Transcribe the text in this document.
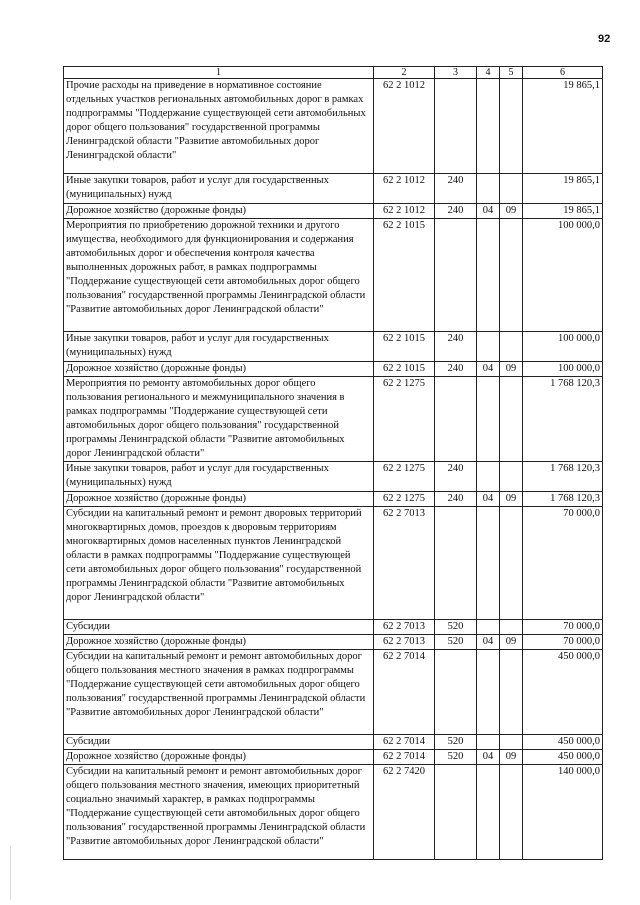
92
1	2	3	4	5	6
Прочие расходы на приведение в нормативное состояние отдельных участков региональных автомобильных дорог в рамках подпрограммы "Поддержание существующей сети автомобильных дорог общего пользования" государственной программы Ленинградской области "Развитие автомобильных дорог Ленинградской области"	62 2 1012				19 865,1
Иные закупки товаров, работ и услуг для государственных (муниципальных) нужд	62 2 1012	240			19 865,1
Дорожное хозяйство (дорожные фонды)	62 2 1012	240	04	09	19 865,1
Мероприятия по приобретению дорожной техники и другого имущества, необходимого для функционирования и содержания автомобильных дорог и обеспечения контроля качества выполненных дорожных работ, в рамках подпрограммы "Поддержание существующей сети автомобильных дорог общего пользования" государственной программы Ленинградской области "Развитие автомобильных дорог Ленинградской области"	62 2 1015				100 000,0
Иные закупки товаров, работ и услуг для государственных (муниципальных) нужд	62 2 1015	240			100 000,0
Дорожное хозяйство (дорожные фонды)	62 2 1015	240	04	09	100 000,0
Мероприятия по ремонту автомобильных дорог общего пользования регионального и межмуниципального значения в рамках подпрограммы "Поддержание существующей сети автомобильных дорог общего пользования" государственной программы Ленинградской области "Развитие автомобильных дорог Ленинградской области"	62 2 1275				1 768 120,3
Иные закупки товаров, работ и услуг для государственных (муниципальных) нужд	62 2 1275	240			1 768 120,3
Дорожное хозяйство (дорожные фонды)	62 2 1275	240	04	09	1 768 120,3
Субсидии на капитальный ремонт и ремонт дворовых территорий многоквартирных домов, проездов к дворовым территориям многоквартирных домов населенных пунктов Ленинградской области в рамках подпрограммы "Поддержание существующей сети автомобильных дорог общего пользования" государственной программы Ленинградской области "Развитие автомобильных дорог Ленинградской области"	62 2 7013				70 000,0
Субсидии	62 2 7013	520			70 000,0
Дорожное хозяйство (дорожные фонды)	62 2 7013	520	04	09	70 000,0
Субсидии на капитальный ремонт и ремонт автомобильных дорог общего пользования местного значения в рамках подпрограммы "Поддержание существующей сети автомобильных дорог общего пользования" государственной программы Ленинградской области "Развитие автомобильных дорог Ленинградской области"	62 2 7014				450 000,0
Субсидии	62 2 7014	520			450 000,0
Дорожное хозяйство (дорожные фонды)	62 2 7014	520	04	09	450 000,0
Субсидии на капитальный ремонт и ремонт автомобильных дорог общего пользования местного значения, имеющих приоритетный социально значимый характер, в рамках подпрограммы "Поддержание существующей сети автомобильных дорог общего пользования" государственной программы Ленинградской области "Развитие автомобильных дорог Ленинградской области"	62 2 7420				140 000,0
